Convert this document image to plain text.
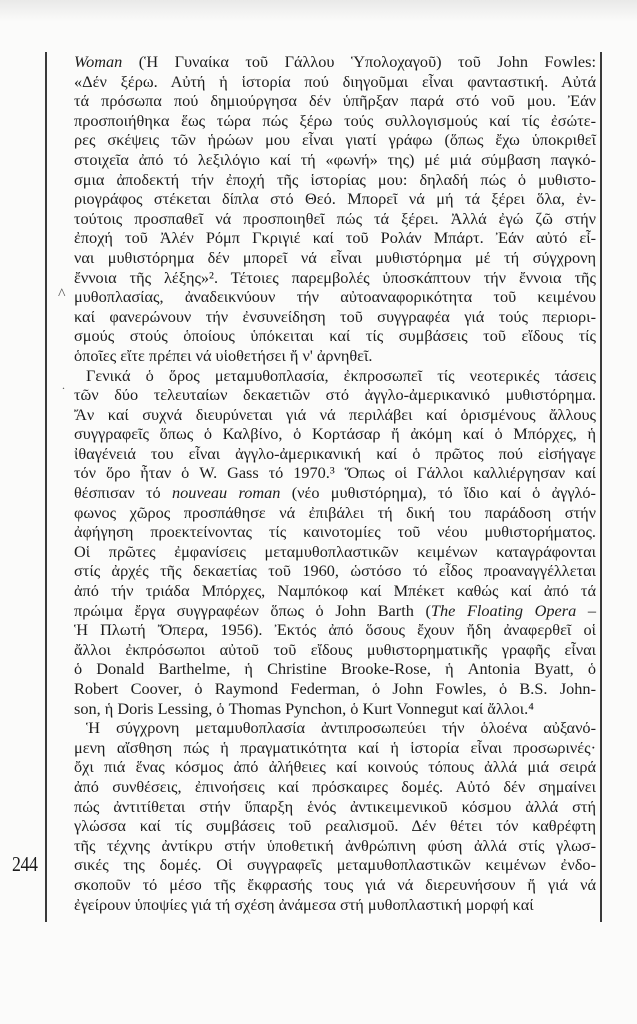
244
^
.
Woman (Ἡ Γυναίκα τοῦ Γάλλου Ὑπολοχαγοῦ) τοῦ John Fowles:
«Δέν ξέρω. Αὐτή ἡ ἱστορία πού διηγοῦμαι εἶναι φανταστική. Αὐτά
τά πρόσωπα πού δημιούργησα δέν ὑπῆρξαν παρά στό νοῦ μου. Ἐάν
προσποιήθηκα ἕως τώρα πώς ξέρω τούς συλλογισμούς καί τίς ἐσώτε-
ρες σκέψεις τῶν ἡρώων μου εἶναι γιατί γράφω (ὅπως ἔχω ὑποκριθεῖ
στοιχεῖα ἀπό τό λεξιλόγιο καί τή «φωνή» της) μέ μιά σύμβαση παγκό-
σμια ἀποδεκτή τήν ἐποχή τῆς ἱστορίας μου: δηλαδή πώς ὁ μυθιστο-
ριογράφος στέκεται δίπλα στό Θεό. Μπορεῖ νά μή τά ξέρει ὅλα, ἐν-
τούτοις προσπαθεῖ νά προσποιηθεῖ πώς τά ξέρει. Ἀλλά ἐγώ ζῶ στήν
ἐποχή τοῦ Ἀλέν Ρόμπ Γκριγιέ καί τοῦ Ρολάν Μπάρτ. Ἐάν αὐτό εἶ-
ναι μυθιστόρημα δέν μπορεῖ νά εἶναι μυθιστόρημα μέ τή σύγχρονη
ἔννοια τῆς λέξης»². Τέτοιες παρεμβολές ὑποσκάπτουν τήν ἔννοια τῆς
μυθοπλασίας, ἀναδεικνύουν τήν αὐτοαναφορικότητα τοῦ κειμένου
καί φανερώνουν τήν ἐνσυνείδηση τοῦ συγγραφέα γιά τούς περιορι-
σμούς στούς ὁποίους ὑπόκειται καί τίς συμβάσεις τοῦ εἴδους τίς
ὁποῖες εἴτε πρέπει νά υἱοθετήσει ἤ ν' ἀρνηθεῖ.
Γενικά ὁ ὅρος μεταμυθοπλασία, ἐκπροσωπεῖ τίς νεοτερικές τάσεις
τῶν δύο τελευταίων δεκαετιῶν στό ἀγγλο-ἀμερικανικό μυθιστόρημα.
Ἄν καί συχνά διευρύνεται γιά νά περιλάβει καί ὁρισμένους ἄλλους
συγγραφεῖς ὅπως ὁ Καλβίνο, ὁ Κορτάσαρ ἤ ἀκόμη καί ὁ Μπόρχες, ἡ
ἰθαγένειά του εἶναι ἀγγλο-ἀμερικανική καί ὁ πρῶτος πού εἰσήγαγε
τόν ὅρο ἦταν ὁ W. Gass τό 1970.³ Ὅπως οἱ Γάλλοι καλλιέργησαν καί
θέσπισαν τό nouveau roman (νέο μυθιστόρημα), τό ἴδιο καί ὁ ἀγγλό-
φωνος χῶρος προσπάθησε νά ἐπιβάλει τή δική του παράδοση στήν
ἀφήγηση προεκτείνοντας τίς καινοτομίες τοῦ νέου μυθιστορήματος.
Οἱ πρῶτες ἐμφανίσεις μεταμυθοπλαστικῶν κειμένων καταγράφονται
στίς ἀρχές τῆς δεκαετίας τοῦ 1960, ὡστόσο τό εἶδος προαναγγέλλεται
ἀπό τήν τριάδα Μπόρχες, Ναμπόκοφ καί Μπέκετ καθώς καί ἀπό τά
πρώιμα ἔργα συγγραφέων ὅπως ὁ John Barth (The Floating Opera –
Ἡ Πλωτή Ὄπερα, 1956). Ἐκτός ἀπό ὅσους ἔχουν ἤδη ἀναφερθεῖ οἱ
ἄλλοι ἐκπρόσωποι αὐτοῦ τοῦ εἴδους μυθιστορηματικῆς γραφῆς εἶναι
ὁ Donald Barthelme, ἡ Christine Brooke-Rose, ἡ Antonia Byatt, ὁ
Robert Coover, ὁ Raymond Federman, ὁ John Fowles, ὁ B.S. John-
son, ἡ Doris Lessing, ὁ Thomas Pynchon, ὁ Kurt Vonnegut καί ἄλλοι.⁴
Ἡ σύγχρονη μεταμυθοπλασία ἀντιπροσωπεύει τήν ὁλοένα αὐξανό-
μενη αἴσθηση πώς ἡ πραγματικότητα καί ἡ ἱστορία εἶναι προσωρινές·
ὄχι πιά ἕνας κόσμος ἀπό ἀλήθειες καί κοινούς τόπους ἀλλά μιά σειρά
ἀπό συνθέσεις, ἐπινοήσεις καί πρόσκαιρες δομές. Αὐτό δέν σημαίνει
πώς ἀντιτίθεται στήν ὕπαρξη ἑνός ἀντικειμενικοῦ κόσμου ἀλλά στή
γλώσσα καί τίς συμβάσεις τοῦ ρεαλισμοῦ. Δέν θέτει τόν καθρέφτη
τῆς τέχνης ἀντίκρυ στήν ὑποθετική ἀνθρώπινη φύση ἀλλά στίς γλωσ-
σικές της δομές. Οἱ συγγραφεῖς μεταμυθοπλαστικῶν κειμένων ἐνδο-
σκοποῦν τό μέσο τῆς ἔκφρασής τους γιά νά διερευνήσουν ἤ γιά νά
ἐγείρουν ὑποψίες γιά τή σχέση ἀνάμεσα στή μυθοπλαστική μορφή καί
